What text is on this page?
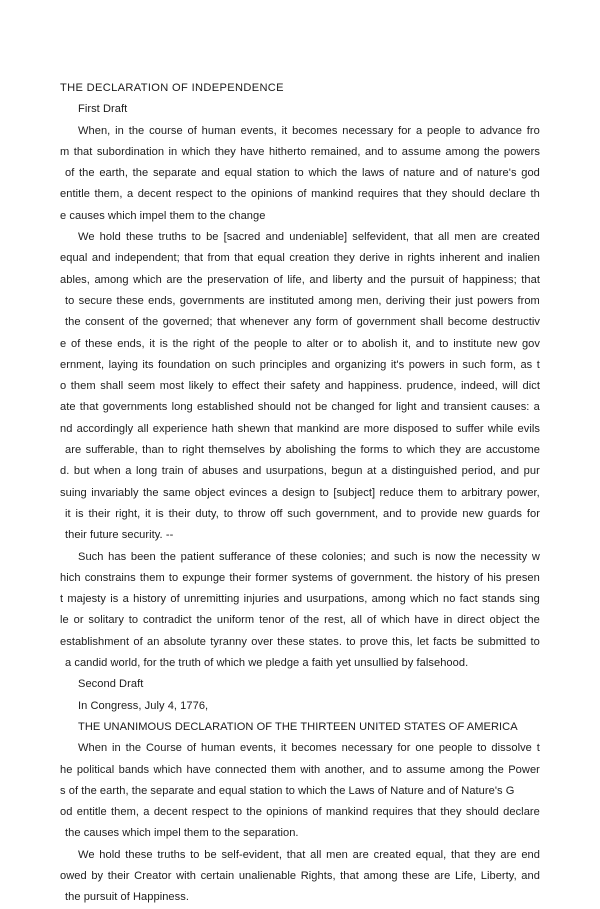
THE DECLARATION OF INDEPENDENCE
First Draft
When, in the course of human events, it becomes necessary for a people to advance fro
m that subordination in which they have hitherto remained, and to assume among the powers
of the earth, the separate and equal station to which the laws of nature and of nature's god
entitle them, a decent respect to the opinions of mankind requires that they should declare th
e causes which impel them to the change
We hold these truths to be [sacred and undeniable] selfevident, that all men are created
equal and independent; that from that equal creation they derive in rights inherent and inalien
ables, among which are the preservation of life, and liberty and the pursuit of happiness; that
to secure these ends, governments are instituted among men, deriving their just powers from
the consent of the governed; that whenever any form of government shall become destructiv
e of these ends, it is the right of the people to alter or to abolish it, and to institute new gov
ernment, laying its foundation on such principles and organizing it's powers in such form, as t
o them shall seem most likely to effect their safety and happiness. prudence, indeed, will dict
ate that governments long established should not be changed for light and transient causes: a
nd accordingly all experience hath shewn that mankind are more disposed to suffer while evils
are sufferable, than to right themselves by abolishing the forms to which they are accustome
d. but when a long train of abuses and usurpations, begun at a distinguished period, and pur
suing invariably the same object evinces a design to [subject] reduce them to arbitrary power,
it is their right, it is their duty, to throw off such government, and to provide new guards for
their future security. --
Such has been the patient sufferance of these colonies; and such is now the necessity w
hich constrains them to expunge their former systems of government. the history of his presen
t majesty is a history of unremitting injuries and usurpations, among which no fact stands sing
le or solitary to contradict the uniform tenor of the rest, all of which have in direct object the
establishment of an absolute tyranny over these states. to prove this, let facts be submitted to
a candid world, for the truth of which we pledge a faith yet unsullied by falsehood.
Second Draft
In Congress, July 4, 1776,
THE UNANIMOUS DECLARATION OF THE THIRTEEN UNITED STATES OF AMERICA
When in the Course of human events, it becomes necessary for one people to dissolve t
he political bands which have connected them with another, and to assume among the Power
s of the earth, the separate and equal station to which the Laws of Nature and of Nature's G
od entitle them, a decent respect to the opinions of mankind requires that they should declare
the causes which impel them to the separation.
We hold these truths to be self-evident, that all men are created equal, that they are end
owed by their Creator with certain unalienable Rights, that among these are Life, Liberty, and
the pursuit of Happiness.
